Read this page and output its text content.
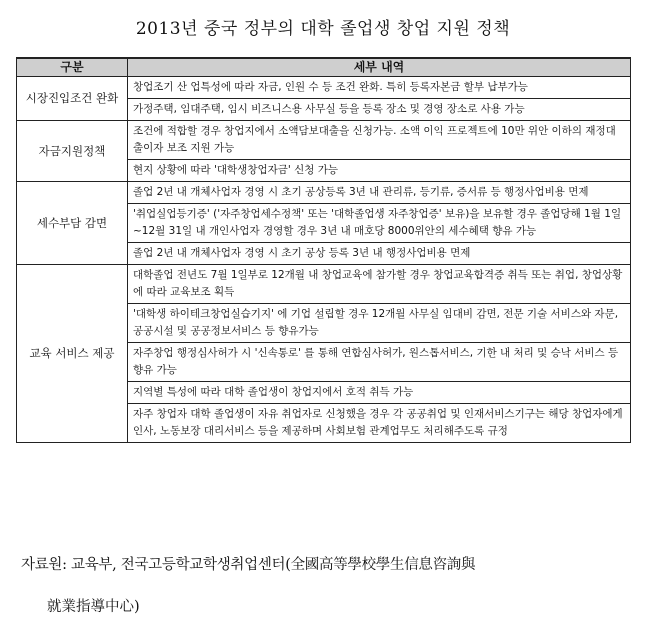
2013년 중국 정부의 대학 졸업생 창업 지원 정책
구분	세부 내역
시장진입조건 완화	창업조기 산 업특성에 따라 자금, 인원 수 등 조건 완화. 특히 등록자본금 할부 납부가능
	가정주택, 임대주택, 임시 비즈니스용 사무실 등을 등록 장소 및 경영 장소로 사용 가능
자금지원정책	조건에 적합할 경우 창업지에서 소액담보대출을 신청가능. 소액 이익 프로젝트에 10만 위안 이하의 재정대출이자 보조 지원 가능
	현지 상황에 따라 '대학생창업자금' 신청 가능
세수부담 감면	졸업 2년 내 개체사업자 경영 시 초기 공상등록 3년 내 관리류, 등기류, 증서류 등 행정사업비용 면제
	'취업실업등기증' ('자주창업세수정책' 또는 '대학졸업생 자주창업증' 보유)을 보유할 경우 졸업당해 1월 1일~12월 31일 내 개인사업자 경영할 경우 3년 내 매호당 8000위안의 세수혜택 향유 가능
	졸업 2년 내 개체사업자 경영 시 초기 공상 등록 3년 내 행정사업비용 면제
교육 서비스 제공	대학졸업 전년도 7월 1일부로 12개월 내 창업교육에 참가할 경우 창업교육합격증 취득 또는 취업, 창업상황에 따라 교육보조 획득
	'대학생 하이테크창업실습기지' 에 기업 설립할 경우 12개월 사무실 임대비 감면, 전문 기술 서비스와 자문, 공공시설 및 공공정보서비스 등 향유가능
	자주창업 행정심사허가 시 '신속통로' 를 통해 연합심사허가, 원스톱서비스, 기한 내 처리 및 승낙 서비스 등 향유 가능
	지역별 특성에 따라 대학 졸업생이 창업지에서 호적 취득 가능
	자주 창업자 대학 졸업생이 자유 취업자로 신청했을 경우 각 공공취업 및 인재서비스기구는 해당 창업자에게 인사, 노동보장 대리서비스 등을 제공하며 사회보험 관계업무도 처리해주도록 규정
자료원: 교육부, 전국고등학교학생취업센터(全國高等學校學生信息咨詢與
就業指導中心)
